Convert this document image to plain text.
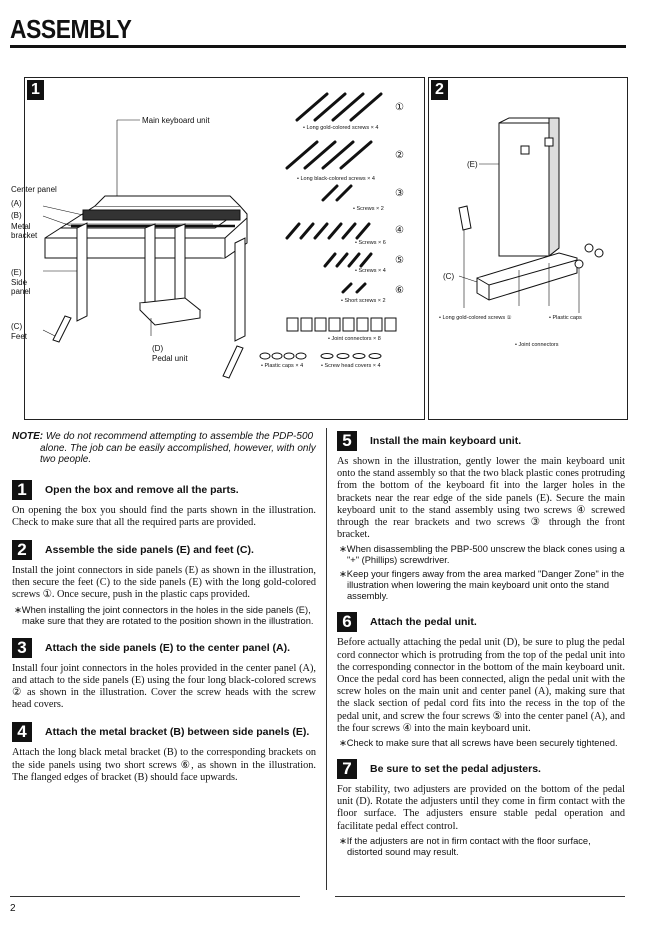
ASSEMBLY
1
Main keyboard unit
Center panel
(A)
(B)
Metal bracket
(E)
Side panel
(C)
Feet
(D)
Pedal unit
①
• Long gold-colored screws × 4
②
• Long black-colored screws × 4
③
• Screws × 2
④
• Screws × 6
⑤
• Screws × 4
⑥
• Short screws × 2
• Joint connectors × 8
• Plastic caps × 4	• Screw head covers × 4
2
(E)
(C)
• Long gold-colored screws ①	• Plastic caps
• Joint connectors
NOTE: We do not recommend attempting to assemble the PDP-500 alone. The job can be easily accomplished, however, with only two people.
1	Open the box and remove all the parts.

On opening the box you should find the parts shown in the illustration. Check to make sure that all the required parts are provided.

2	Assemble the side panels (E) and feet (C).

Install the joint connectors in side panels (E) as shown in the illustration, then secure the feet (C) to the side panels (E) with the long gold-colored screws ①. Once secure, push in the plastic caps provided.

∗When installing the joint connectors in the holes in the side panels (E), make sure that they are rotated to the position shown in the illustration.
3	Attach the side panels (E) to the center panel (A).

Install four joint connectors in the holes provided in the center panel (A), and attach to the side panels (E) using the four long black-colored screws ② as shown in the illustration. Cover the screw heads with the screw head covers.

4	Attach the metal bracket (B) between side panels (E).

Attach the long black metal bracket (B) to the corresponding brackets on the side panels using two short screws ⑥, as shown in the illustration. The flanged edges of bracket (B) should face upwards.

5	Install the main keyboard unit.

As shown in the illustration, gently lower the main keyboard unit onto the stand assembly so that the two black plastic cones protruding from the bottom of the keyboard fit into the larger holes in the brackets near the rear edge of the side panels (E). Secure the main keyboard unit to the stand assembly using two screws ④ screwed through the rear brackets and two screws ③ through the front bracket.

∗When disassembling the PBP-500 unscrew the black cones using a "+" (Phillips) screwdriver.
∗Keep your fingers away from the area marked "Danger Zone" in the illustration when lowering the main keyboard unit onto the stand assembly.
6	Attach the pedal unit.

Before actually attaching the pedal unit (D), be sure to plug the pedal cord connector which is protruding from the top of the pedal unit into the corresponding connector in the bottom of the main keyboard unit. Once the pedal cord has been connected, align the pedal unit with the screw holes on the main unit and center panel (A), making sure that the slack section of pedal cord fits into the recess in the top of the pedal unit, and screw the four screws ⑤ into the center panel (A), and the four screws ④ into the main keyboard unit.

∗Check to make sure that all screws have been securely tightened.
7	Be sure to set the pedal adjusters.

For stability, two adjusters are provided on the bottom of the pedal unit (D). Rotate the adjusters until they come in firm contact with the floor surface. The adjusters ensure stable pedal operation and facilitate pedal effect control.

∗If the adjusters are not in firm contact with the floor surface, distorted sound may result.
2
